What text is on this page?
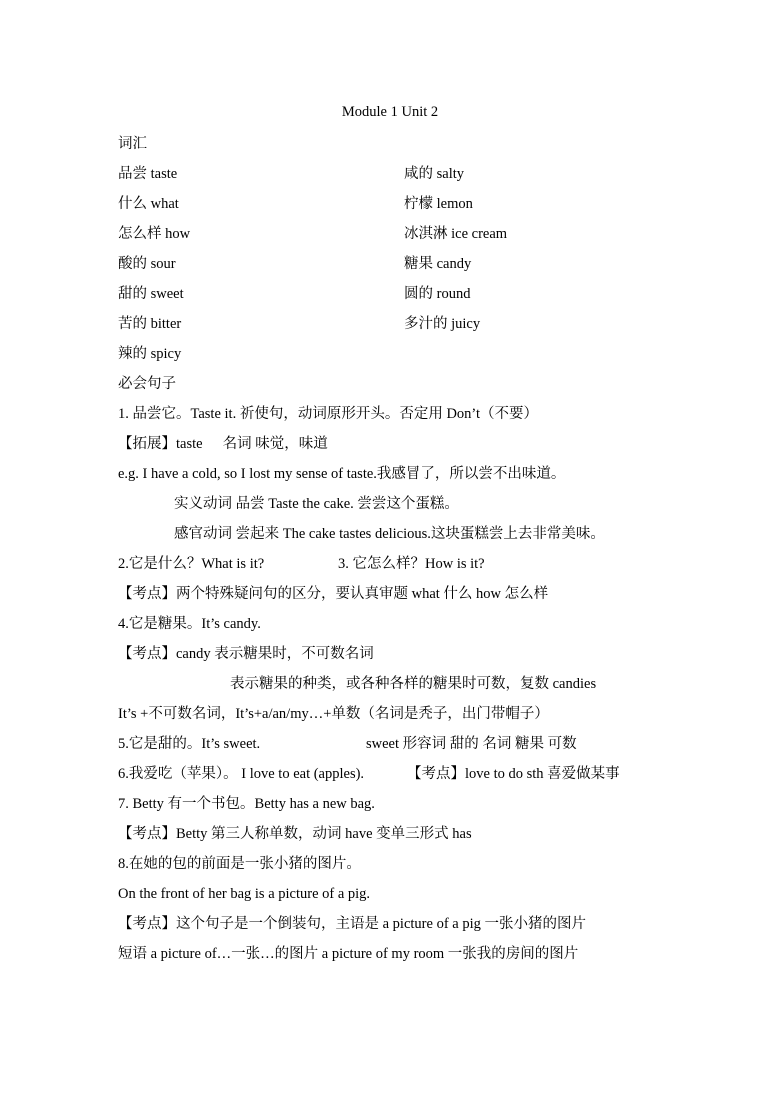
Module 1 Unit 2
词汇
品尝 taste	咸的 salty
什么 what	柠檬 lemon
怎么样 how	冰淇淋 ice cream
酸的 sour	糖果 candy
甜的 sweet	圆的 round
苦的 bitter	多汁的 juicy
辣的 spicy
必会句子
1. 品尝它。Taste it. 祈使句，动词原形开头。否定用 Don’t（不要）
【拓展】taste 名词 味觉，味道
e.g. I have a cold, so I lost my sense of taste.我感冒了，所以尝不出味道。
实义动词 品尝 Taste the cake. 尝尝这个蛋糕。
感官动词 尝起来 The cake tastes delicious.这块蛋糕尝上去非常美味。
2.它是什么？What is it?	3. 它怎么样？How is it?
【考点】两个特殊疑问句的区分，要认真审题 what 什么 how 怎么样
4.它是糖果。It’s candy.
【考点】candy 表示糖果时，不可数名词
表示糖果的种类，或各种各样的糖果时可数，复数 candies
It’s +不可数名词，It’s+a/an/my…+单数（名词是秃子，出门带帽子）
5.它是甜的。It’s sweet.	sweet 形容词 甜的 名词 糖果 可数
6.我爱吃（苹果）。 I love to eat (apples).	【考点】love to do sth 喜爱做某事
7. Betty 有一个书包。Betty has a new bag.
【考点】Betty 第三人称单数，动词 have 变单三形式 has
8.在她的包的前面是一张小猪的图片。
On the front of her bag is a picture of a pig.
【考点】这个句子是一个倒装句，主语是 a picture of a pig 一张小猪的图片
短语 a picture of…一张…的图片 a picture of my room 一张我的房间的图片
